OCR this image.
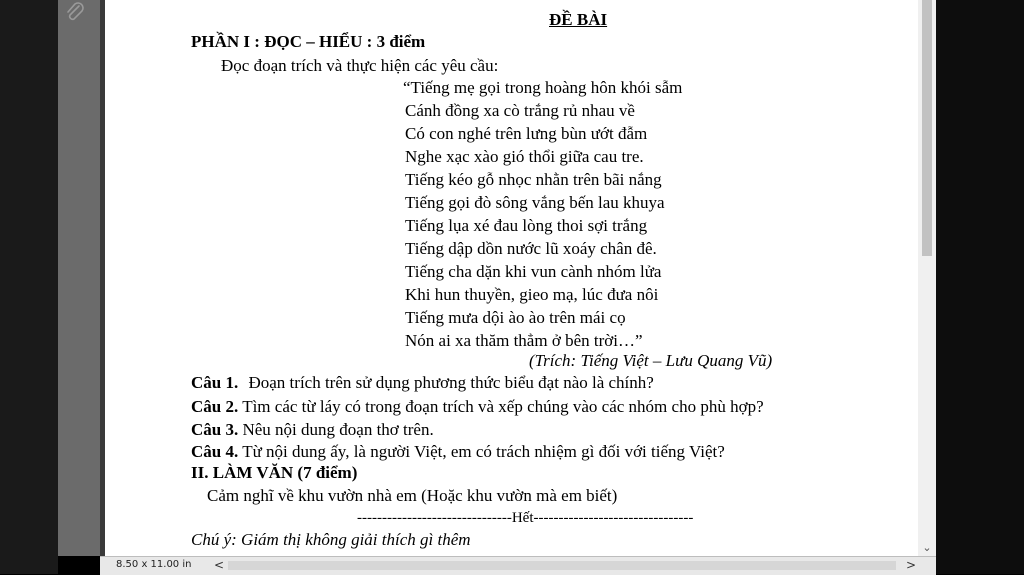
ĐỀ BÀI
PHẦN I : ĐỌC – HIỂU : 3 điểm
Đọc đoạn trích và thực hiện các yêu cầu:
“Tiếng mẹ gọi trong hoàng hôn khói sẫm
Cánh đồng xa cò trắng rủ nhau về
Có con nghé trên lưng bùn ướt đẫm
Nghe xạc xào gió thổi giữa cau tre.
Tiếng kéo gỗ nhọc nhằn trên bãi nắng
Tiếng gọi đò sông vắng bến lau khuya
Tiếng lụa xé đau lòng thoi sợi trắng
Tiếng dập dồn nước lũ xoáy chân đê.
Tiếng cha dặn khi vun cành nhóm lửa
Khi hun thuyền, gieo mạ, lúc đưa nôi
Tiếng mưa dội ào ào trên mái cọ
Nón ai xa thăm thẳm ở bên trời…”
(Trích: Tiếng Việt – Lưu Quang Vũ)
Câu 1. Đoạn trích trên sử dụng phương thức biểu đạt nào là chính?
Câu 2. Tìm các từ láy có trong đoạn trích và xếp chúng vào các nhóm cho phù hợp?
Câu 3. Nêu nội dung đoạn thơ trên.
Câu 4. Từ nội dung ấy, là người Việt, em có trách nhiệm gì đối với tiếng Việt?
II. LÀM VĂN (7 điểm)
Cảm nghĩ về khu vườn nhà em (Hoặc khu vườn mà em biết)
-------------------------------Hết--------------------------------
Chú ý: Giám thị không giải thích gì thêm	⌄
8.50 x 11.00 in <	>
